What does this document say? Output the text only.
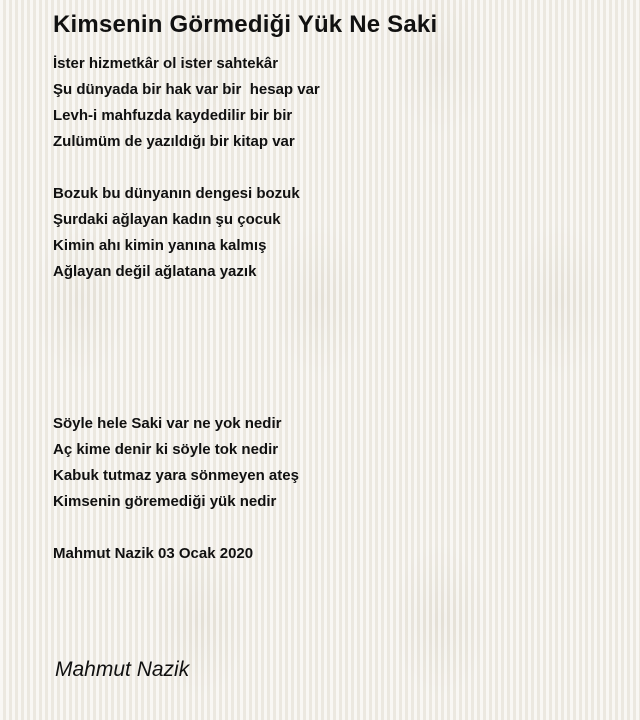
Kimsenin Görmediği Yük Ne Saki
İster hizmetkâr ol ister sahtekâr
Şu dünyada bir hak var bir  hesap var
Levh-i mahfuzda kaydedilir bir bir
Zulümüm de yazıldığı bir kitap var
Bozuk bu dünyanın dengesi bozuk
Şurdaki ağlayan kadın şu çocuk
Kimin ahı kimin yanına kalmış
Ağlayan değil ağlatana yazık
Söyle hele Saki var ne yok nedir
Aç kime denir ki söyle tok nedir
Kabuk tutmaz yara sönmeyen ateş
Kimsenin göremediği yük nedir
Mahmut Nazik 03 Ocak 2020
Mahmut Nazik
